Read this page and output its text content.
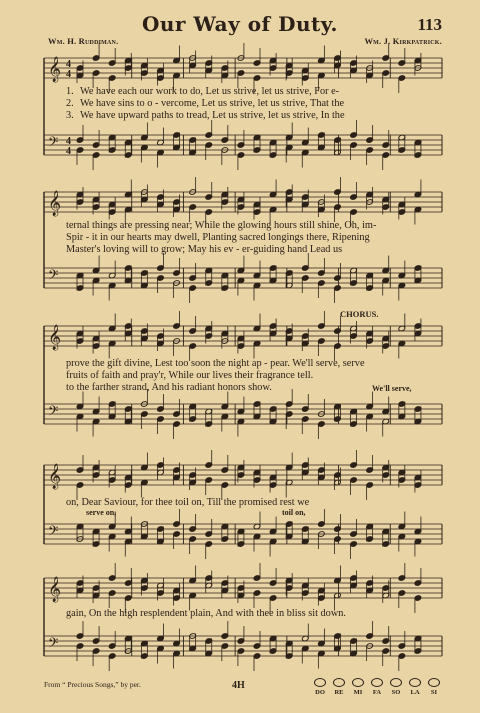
Our Way of Duty.	113
Wm. H. Ruddiman.	Wm. J. Kirkpatrick.
𝄞
𝄢
4
4
4
4
𝄞
𝄢
𝄞
𝄢
𝄞
𝄢
𝄞
𝄢
1. We have each our work to do, Let us strive, let us strive, For e-
2. We have sins to o - vercome, Let us strive, let us strive, That the
3. We have upward paths to tread, Let us strive, let us strive, In the
ternal things are pressing near; While the glowing hours still shine, Oh, im-
Spir - it in our hearts may dwell, Planting sacred longings there, Ripening
Master's loving will to grow; May his ev - er-guiding hand Lead us
CHORUS.
prove the gift divine, Lest too soon the night ap - pear. We'll serve, serve
fruits of faith and pray'r, While our lives their fragrance tell.
to the farther strand, And his radiant honors show.	We'll serve,
on, Dear Saviour, for thee toil on, Till the promised rest we
serve on,	toil on,
gain, On the high resplendent plain, And with thee in bliss sit down.
From “ Precious Songs,” by per.	4H
DO	RE	MI	FA	SO	LA	SI
